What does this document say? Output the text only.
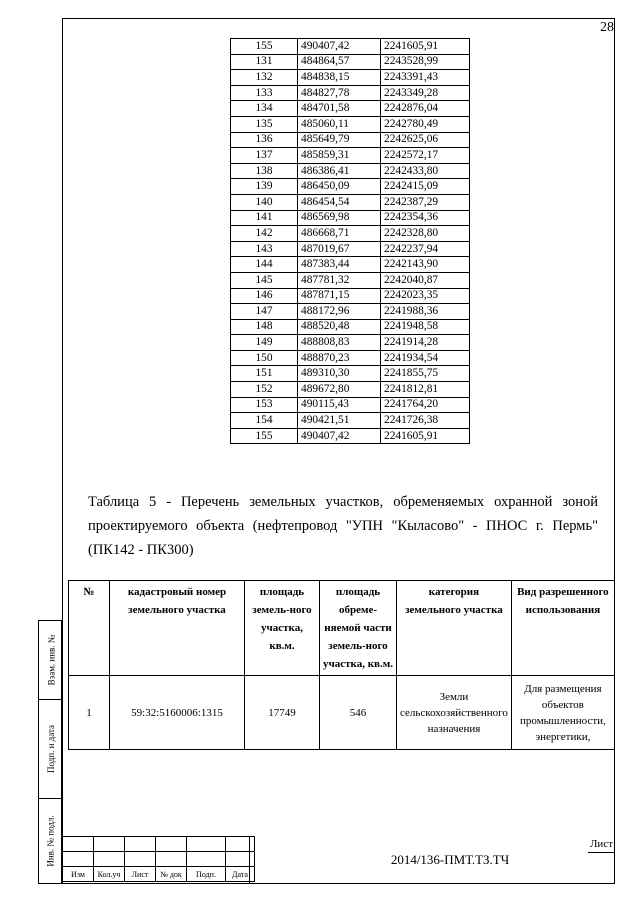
28
Взам. инв. №
Подп. и дата
Инв. № подл.
155	490407,42	2241605,91
131	484864,57	2243528,99
132	484838,15	2243391,43
133	484827,78	2243349,28
134	484701,58	2242876,04
135	485060,11	2242780,49
136	485649,79	2242625,06
137	485859,31	2242572,17
138	486386,41	2242433,80
139	486450,09	2242415,09
140	486454,54	2242387,29
141	486569,98	2242354,36
142	486668,71	2242328,80
143	487019,67	2242237,94
144	487383,44	2242143,90
145	487781,32	2242040,87
146	487871,15	2242023,35
147	488172,96	2241988,36
148	488520,48	2241948,58
149	488808,83	2241914,28
150	488870,23	2241934,54
151	489310,30	2241855,75
152	489672,80	2241812,81
153	490115,43	2241764,20
154	490421,51	2241726,38
155	490407,42	2241605,91
Таблица 5 - Перечень земельных участков, обременяемых охранной зоной проектируемого объекта (нефтепровод "УПН "Кыласово" - ПНОС г. Пермь" (ПК142 - ПК300)
№	кадастровый номер земельного участка	площадь земель-ного участка, кв.м.	площадь обреме-няемой части земель-ного участка, кв.м.	категория земельного участка	Вид разрешенного использования
1	59:32:5160006:1315	17749	546	Земли сельскохозяйственного назначения	Для размещения объектов промышленности, энергетики,

Изм	Кол.уч	Лист	№ док	Подп.	Дата
2014/136-ПМТ.ТЗ.ТЧ
Лист
